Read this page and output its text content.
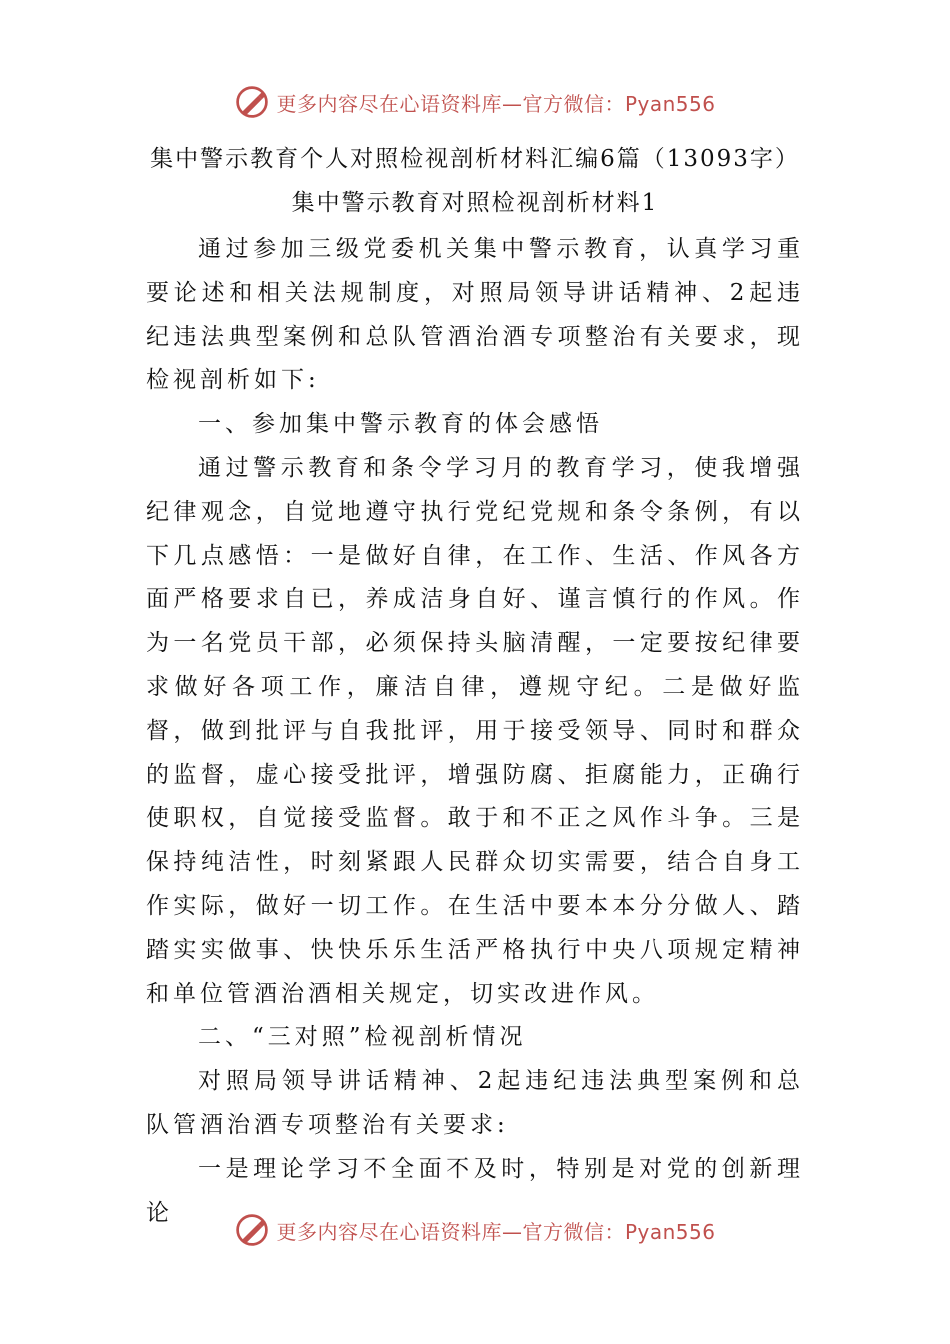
更多内容尽在心语资料库—官方微信：Pyan556
集中警示教育个人对照检视剖析材料汇编6篇（13093字）
集中警示教育对照检视剖析材料1

通过参加三级党委机关集中警示教育，认真学习重要论述和相关法规制度，对照局领导讲话精神、2起违纪违法典型案例和总队管酒治酒专项整治有关要求，现检视剖析如下:

一、参加集中警示教育的体会感悟

通过警示教育和条令学习月的教育学习，使我增强纪律观念，自觉地遵守执行党纪党规和条令条例，有以下几点感悟：一是做好自律，在工作、生活、作风各方面严格要求自已，养成洁身自好、谨言慎行的作风。作为一名党员干部，必须保持头脑清醒，一定要按纪律要求做好各项工作，廉洁自律，遵规守纪。二是做好监督，做到批评与自我批评，用于接受领导、同时和群众的监督，虚心接受批评，增强防腐、拒腐能力，正确行使职权，自觉接受监督。敢于和不正之风作斗争。三是保持纯洁性，时刻紧跟人民群众切实需要，结合自身工作实际，做好一切工作。在生活中要本本分分做人、踏踏实实做事、快快乐乐生活严格执行中央八项规定精神和单位管酒治酒相关规定，切实改进作风。

二、“三对照”检视剖析情况

对照局领导讲话精神、2起违纪违法典型案例和总队管酒治酒专项整治有关要求:

一是理论学习不全面不及时，特别是对党的创新理论

更多内容尽在心语资料库—官方微信：Pyan556
